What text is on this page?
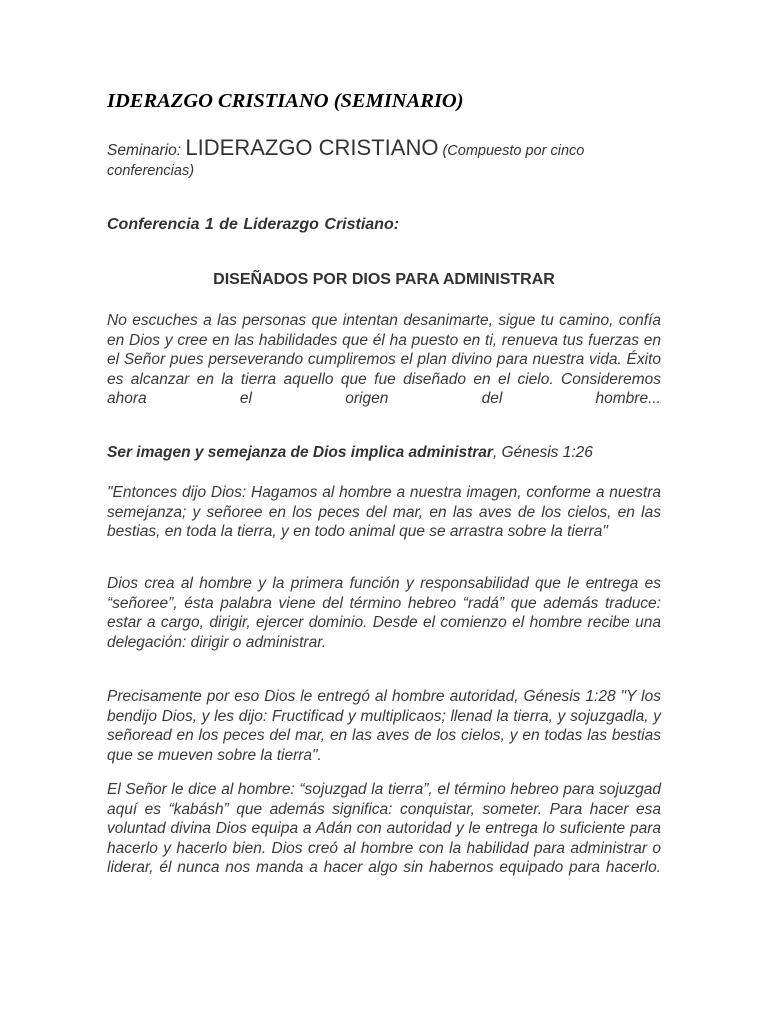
IDERAZGO CRISTIANO (SEMINARIO)

Seminario: LIDERAZGO CRISTIANO (Compuesto por cinco conferencias)

Conferencia 1 de Liderazgo Cristiano:

DISEÑADOS POR DIOS PARA ADMINISTRAR

No escuches a las personas que intentan desanimarte, sigue tu camino, confía en Dios y cree en las habilidades que él ha puesto en ti, renueva tus fuerzas en el Señor pues perseverando cumpliremos el plan divino para nuestra vida. Éxito es alcanzar en la tierra aquello que fue diseñado en el cielo. Consideremos ahora el origen del hombre...

Ser imagen y semejanza de Dios implica administrar, Génesis 1:26

"Entonces dijo Dios: Hagamos al hombre a nuestra imagen, conforme a nuestra semejanza; y señoree en los peces del mar, en las aves de los cielos, en las bestias, en toda la tierra, y en todo animal que se arrastra sobre la tierra"

Dios crea al hombre y la primera función y responsabilidad que le entrega es “señoree”, ésta palabra viene del término hebreo “radá” que además traduce: estar a cargo, dirigir, ejercer dominio. Desde el comienzo el hombre recibe una delegación: dirigir o administrar.

Precisamente por eso Dios le entregó al hombre autoridad, Génesis 1:28 "Y los bendijo Dios, y les dijo: Fructificad y multiplicaos; llenad la tierra, y sojuzgadla, y señoread en los peces del mar, en las aves de los cielos, y en todas las bestias que se mueven sobre la tierra".

El Señor le dice al hombre: “sojuzgad la tierra”, el término hebreo para sojuzgad aquí es “kabásh” que además significa: conquistar, someter. Para hacer esa voluntad divina Dios equipa a Adán con autoridad y le entrega lo suficiente para hacerlo y hacerlo bien. Dios creó al hombre con la habilidad para administrar o liderar, él nunca nos manda a hacer algo sin habernos equipado para hacerlo.
